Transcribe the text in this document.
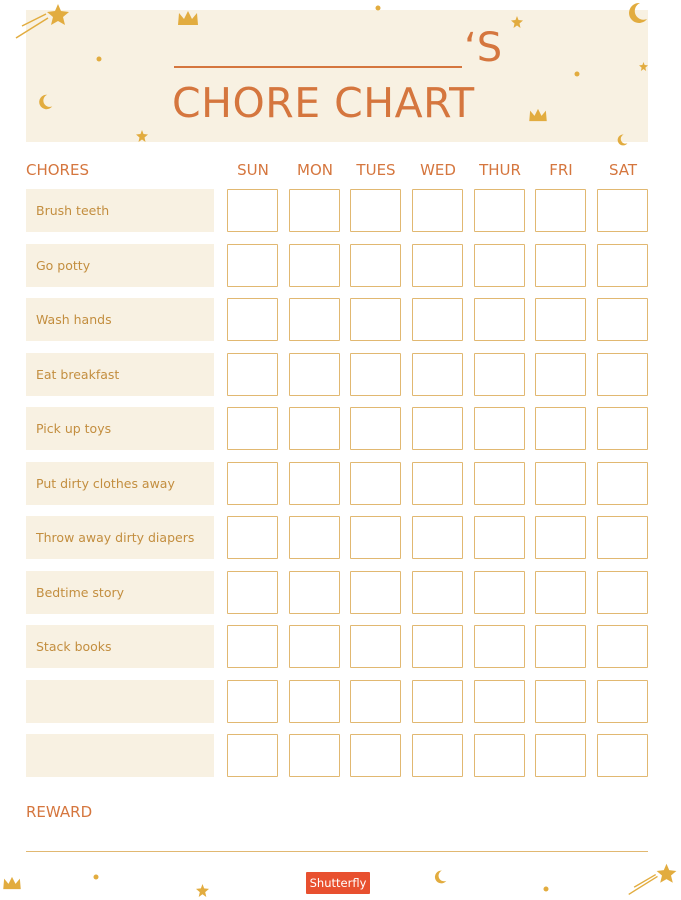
‘S
CHORE CHART
CHORES	SUN	MON	TUES	WED	THUR	FRI	SAT
Brush teeth
Go potty
Wash hands
Eat breakfast
Pick up toys
Put dirty clothes away
Throw away dirty diapers
Bedtime story
Stack books
REWARD
Shutterfly
